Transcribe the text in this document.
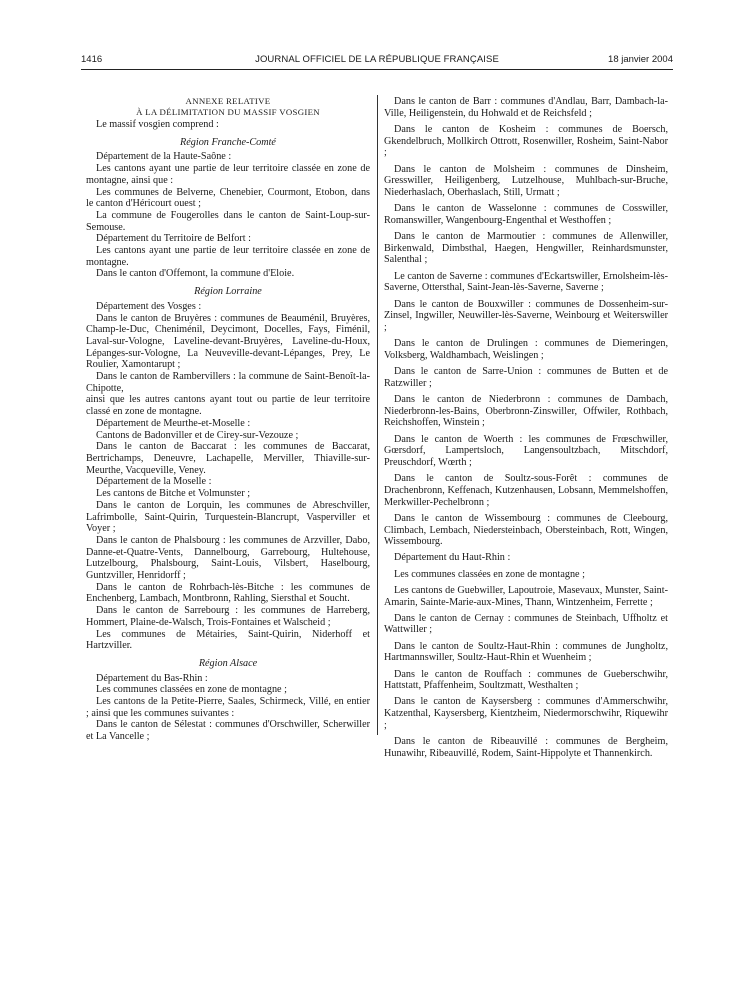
1416	JOURNAL OFFICIEL DE LA RÉPUBLIQUE FRANÇAISE	18 janvier 2004
ANNEXE RELATIVE
À LA DÉLIMITATION DU MASSIF VOSGIEN

Le massif vosgien comprend :

Région Franche-Comté

Département de la Haute-Saône :

Les cantons ayant une partie de leur territoire classée en zone de montagne, ainsi que :

Les communes de Belverne, Chenebier, Courmont, Etobon, dans le canton d'Héricourt ouest ;

La commune de Fougerolles dans le canton de Saint-Loup-sur-Semouse.

Département du Territoire de Belfort :

Les cantons ayant une partie de leur territoire classée en zone de montagne.

Dans le canton d'Offemont, la commune d'Eloie.

Région Lorraine

Département des Vosges :

Dans le canton de Bruyères : communes de Beauménil, Bruyères, Champ-le-Duc, Cheniménil, Deycimont, Docelles, Fays, Fiménil, Laval-sur-Vologne, Laveline-devant-Bruyères, Laveline-du-Houx, Lépanges-sur-Vologne, La Neuveville-devant-Lépanges, Prey, Le Roulier, Xamontarupt ;

Dans le canton de Rambervillers : la commune de Saint-Benoît-la-Chipotte,

ainsi que les autres cantons ayant tout ou partie de leur territoire classé en zone de montagne.

Département de Meurthe-et-Moselle :

Cantons de Badonviller et de Cirey-sur-Vezouze ;

Dans le canton de Baccarat : les communes de Baccarat, Bertrichamps, Deneuvre, Lachapelle, Merviller, Thiaville-sur-Meurthe, Vacqueville, Veney.

Département de la Moselle :

Les cantons de Bitche et Volmunster ;

Dans le canton de Lorquin, les communes de Abreschviller, Lafrimbolle, Saint-Quirin, Turquestein-Blancrupt, Vasperviller et Voyer ;

Dans le canton de Phalsbourg : les communes de Arzviller, Dabo, Danne-et-Quatre-Vents, Dannelbourg, Garrebourg, Hultehouse, Lutzelbourg, Phalsbourg, Saint-Louis, Vilsbert, Haselbourg, Guntzviller, Henridorff ;

Dans le canton de Rohrbach-lès-Bitche : les communes de Enchenberg, Lambach, Montbronn, Rahling, Siersthal et Soucht.

Dans le canton de Sarrebourg : les communes de Harreberg, Hommert, Plaine-de-Walsch, Trois-Fontaines et Walscheid ;

Les communes de Métairies, Saint-Quirin, Niderhoff et Hartzviller.

Région Alsace

Département du Bas-Rhin :

Les communes classées en zone de montagne ;

Les cantons de la Petite-Pierre, Saales, Schirmeck, Villé, en entier ; ainsi que les communes suivantes :

Dans le canton de Sélestat : communes d'Orschwiller, Scherwiller et La Vancelle ;

Dans le canton de Barr : communes d'Andlau, Barr, Dambach-la-Ville, Heiligenstein, du Hohwald et de Reichsfeld ;

Dans le canton de Kosheim : communes de Boersch, Gkendelbruch, Mollkirch Ottrott, Rosenwiller, Rosheim, Saint-Nabor ;

Dans le canton de Molsheim : communes de Dinsheim, Gresswiller, Heiligenberg, Lutzelhouse, Muhlbach-sur-Bruche, Niederhaslach, Oberhaslach, Still, Urmatt ;

Dans le canton de Wasselonne : communes de Cosswiller, Romanswiller, Wangenbourg-Engenthal et Westhoffen ;

Dans le canton de Marmoutier : communes de Allenwiller, Birkenwald, Dimbsthal, Haegen, Hengwiller, Reinhardsmunster, Salenthal ;

Le canton de Saverne : communes d'Eckartswiller, Ernolsheim-lès-Saverne, Ottersthal, Saint-Jean-lès-Saverne, Saverne ;

Dans le canton de Bouxwiller : communes de Dossenheim-sur-Zinsel, Ingwiller, Neuwiller-lès-Saverne, Weinbourg et Weiterswiller ;

Dans le canton de Drulingen : communes de Diemeringen, Volksberg, Waldhambach, Weislingen ;

Dans le canton de Sarre-Union : communes de Butten et de Ratzwiller ;

Dans le canton de Niederbronn : communes de Dambach, Niederbronn-les-Bains, Oberbronn-Zinswiller, Offwiler, Rothbach, Reichshoffen, Winstein ;

Dans le canton de Woerth : les communes de Frœschwiller, Gœrsdorf, Lampertsloch, Langensoultzbach, Mitschdorf, Preuschdorf, Wœrth ;

Dans le canton de Soultz-sous-Forêt : communes de Drachenbronn, Keffenach, Kutzenhausen, Lobsann, Memmelshoffen, Merkwiller-Pechelbronn ;

Dans le canton de Wissembourg : communes de Cleebourg, Climbach, Lembach, Niedersteinbach, Obersteinbach, Rott, Wingen, Wissembourg.

Département du Haut-Rhin :

Les communes classées en zone de montagne ;

Les cantons de Guebwiller, Lapoutroie, Masevaux, Munster, Saint-Amarin, Sainte-Marie-aux-Mines, Thann, Wintzenheim, Ferrette ;

Dans le canton de Cernay : communes de Steinbach, Uffholtz et Wattwiller ;

Dans le canton de Soultz-Haut-Rhin : communes de Jungholtz, Hartmannswiller, Soultz-Haut-Rhin et Wuenheim ;

Dans le canton de Rouffach : communes de Gueberschwihr, Hattstatt, Pfaffenheim, Soultzmatt, Westhalten ;

Dans le canton de Kaysersberg : communes d'Ammerschwihr, Katzenthal, Kaysersberg, Kientzheim, Niedermorschwihr, Riquewihr ;

Dans le canton de Ribeauvillé : communes de Bergheim, Hunawihr, Ribeauvillé, Rodem, Saint-Hippolyte et Thannenkirch.
